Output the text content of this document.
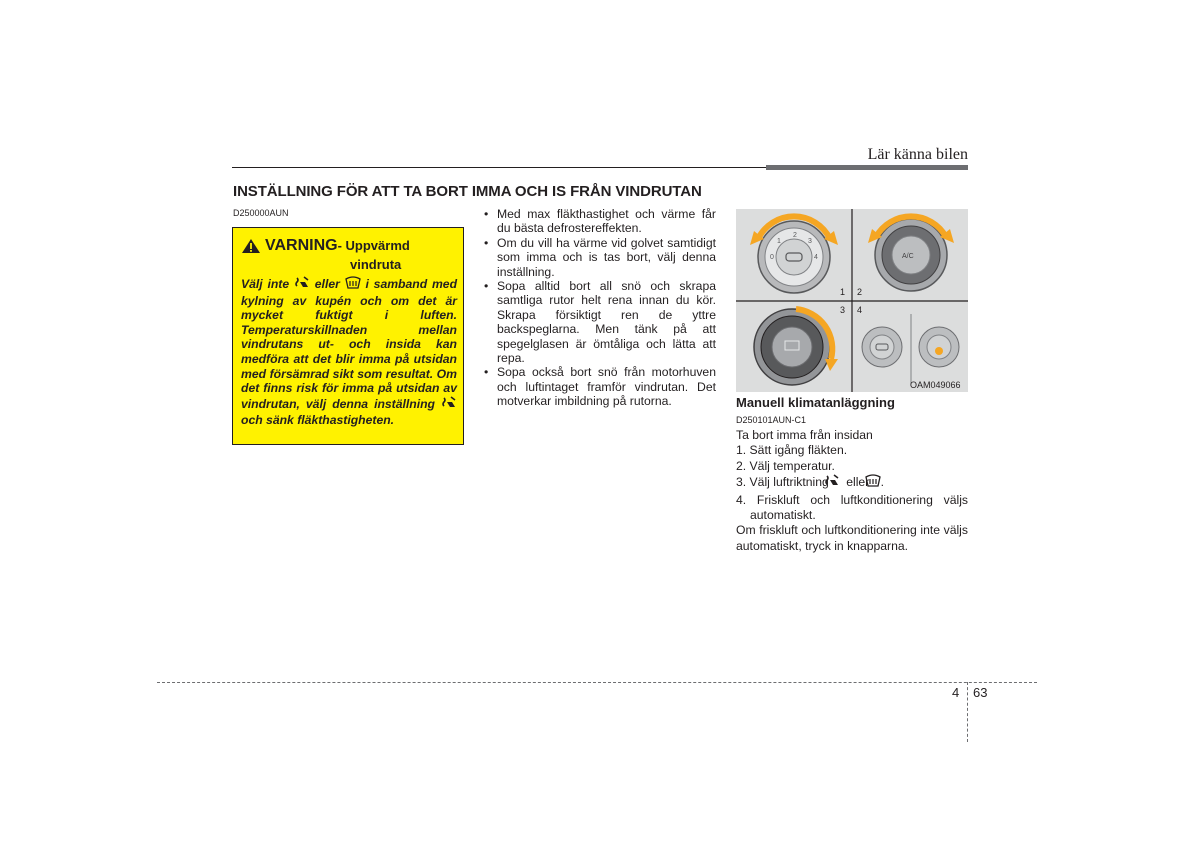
Lär känna bilen
INSTÄLLNING FÖR ATT TA BORT IMMA OCH IS FRÅN VINDRUTAN
D250000AUN
VARNING- Uppvärmd
vindruta
Välj inte eller i samband med kylning av kupén och om det är mycket fuktigt i luften. Temperaturskillnaden mellan vindrutans ut- och insida kan medföra att det blir imma på utsidan med försämrad sikt som resultat. Om det finns risk för imma på utsidan av vindrutan, välj denna inställning  och sänk fläkthastigheten.
• Med max fläkthastighet och värme får du bästa defrostereffekten.
• Om du vill ha värme vid golvet samtidigt som imma och is tas bort, välj denna inställning.
• Sopa alltid bort all snö och skrapa samtliga rutor helt rena innan du kör. Skrapa försiktigt ren de yttre backspeglarna. Men tänk på att spegelglasen är ömtåliga och lätta att repa.
• Sopa också bort snö från motorhuven och luftintaget framför vindrutan. Det motverkar imbildning på rutorna.
0
1
2
3
4	A/C
1 2
3 4
OAM049066
Manuell klimatanläggning
D250101AUN-C1

Ta bort imma från insidan

1. Sätt igång fläkten.

2. Välj temperatur.

3. Välj luftriktning eller .

4. Friskluft och luftkonditionering väljs automatiskt.

Om friskluft och luftkonditionering inte väljs automatiskt, tryck in knapparna.

4 63
